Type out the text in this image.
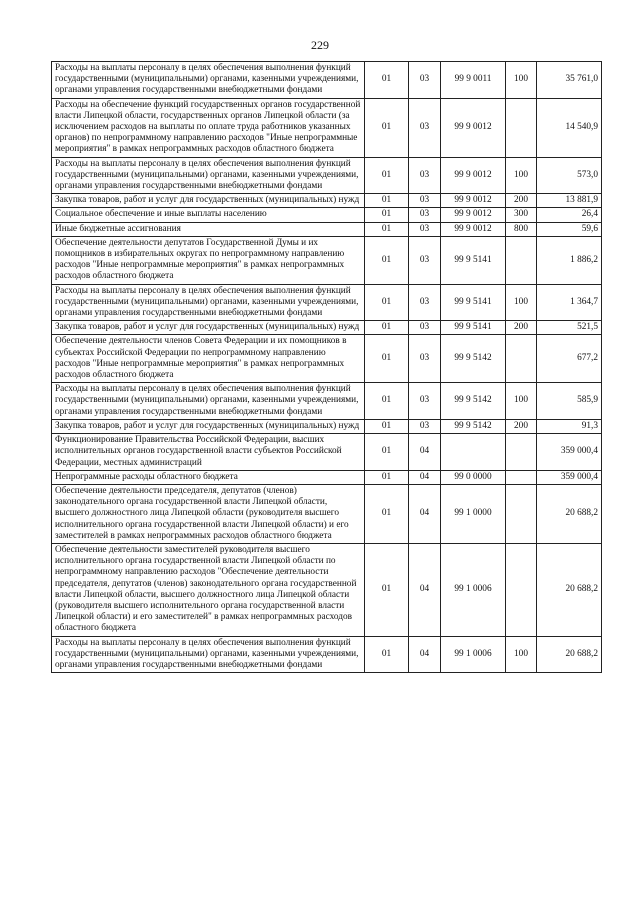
229
Расходы на выплаты персоналу в целях обеспечения выполнения функций государственными (муниципальными) органами, казенными учреждениями, органами управления государственными внебюджетными фондами	01	03	99 9 0011	100	35 761,0
Расходы на обеспечение функций государственных органов государственной власти Липецкой области, государственных органов Липецкой области (за исключением расходов на выплаты по оплате труда работников указанных органов) по непрограммному направлению расходов "Иные непрограммные мероприятия" в рамках непрограммных расходов областного бюджета	01	03	99 9 0012		14 540,9
Расходы на выплаты персоналу в целях обеспечения выполнения функций государственными (муниципальными) органами, казенными учреждениями, органами управления государственными внебюджетными фондами	01	03	99 9 0012	100	573,0
Закупка товаров, работ и услуг для государственных (муниципальных) нужд	01	03	99 9 0012	200	13 881,9
Социальное обеспечение и иные выплаты населению	01	03	99 9 0012	300	26,4
Иные бюджетные ассигнования	01	03	99 9 0012	800	59,6
Обеспечение деятельности депутатов Государственной Думы и их помощников в избирательных округах по непрограммному направлению расходов "Иные непрограммные мероприятия" в рамках непрограммных расходов областного бюджета	01	03	99 9 5141		1 886,2
Расходы на выплаты персоналу в целях обеспечения выполнения функций государственными (муниципальными) органами, казенными учреждениями, органами управления государственными внебюджетными фондами	01	03	99 9 5141	100	1 364,7
Закупка товаров, работ и услуг для государственных (муниципальных) нужд	01	03	99 9 5141	200	521,5
Обеспечение деятельности членов Совета Федерации и их помощников в субъектах Российской Федерации по непрограммному направлению расходов "Иные непрограммные мероприятия" в рамках непрограммных расходов областного бюджета	01	03	99 9 5142		677,2
Расходы на выплаты персоналу в целях обеспечения выполнения функций государственными (муниципальными) органами, казенными учреждениями, органами управления государственными внебюджетными фондами	01	03	99 9 5142	100	585,9
Закупка товаров, работ и услуг для государственных (муниципальных) нужд	01	03	99 9 5142	200	91,3
Функционирование Правительства Российской Федерации, высших исполнительных органов государственной власти субъектов Российской Федерации, местных администраций	01	04			359 000,4
Непрограммные расходы областного бюджета	01	04	99 0 0000		359 000,4
Обеспечение деятельности председателя, депутатов (членов) законодательного органа государственной власти Липецкой области, высшего должностного лица Липецкой области (руководителя высшего исполнительного органа государственной власти Липецкой области) и его заместителей в рамках непрограммных расходов областного бюджета	01	04	99 1 0000		20 688,2
Обеспечение деятельности заместителей руководителя высшего исполнительного органа государственной власти Липецкой области по непрограммному направлению расходов "Обеспечение деятельности председателя, депутатов (членов) законодательного органа государственной власти Липецкой области, высшего должностного лица Липецкой области (руководителя высшего исполнительного органа государственной власти Липецкой области) и его заместителей" в рамках непрограммных расходов областного бюджета	01	04	99 1 0006		20 688,2
Расходы на выплаты персоналу в целях обеспечения выполнения функций государственными (муниципальными) органами, казенными учреждениями, органами управления государственными внебюджетными фондами	01	04	99 1 0006	100	20 688,2
